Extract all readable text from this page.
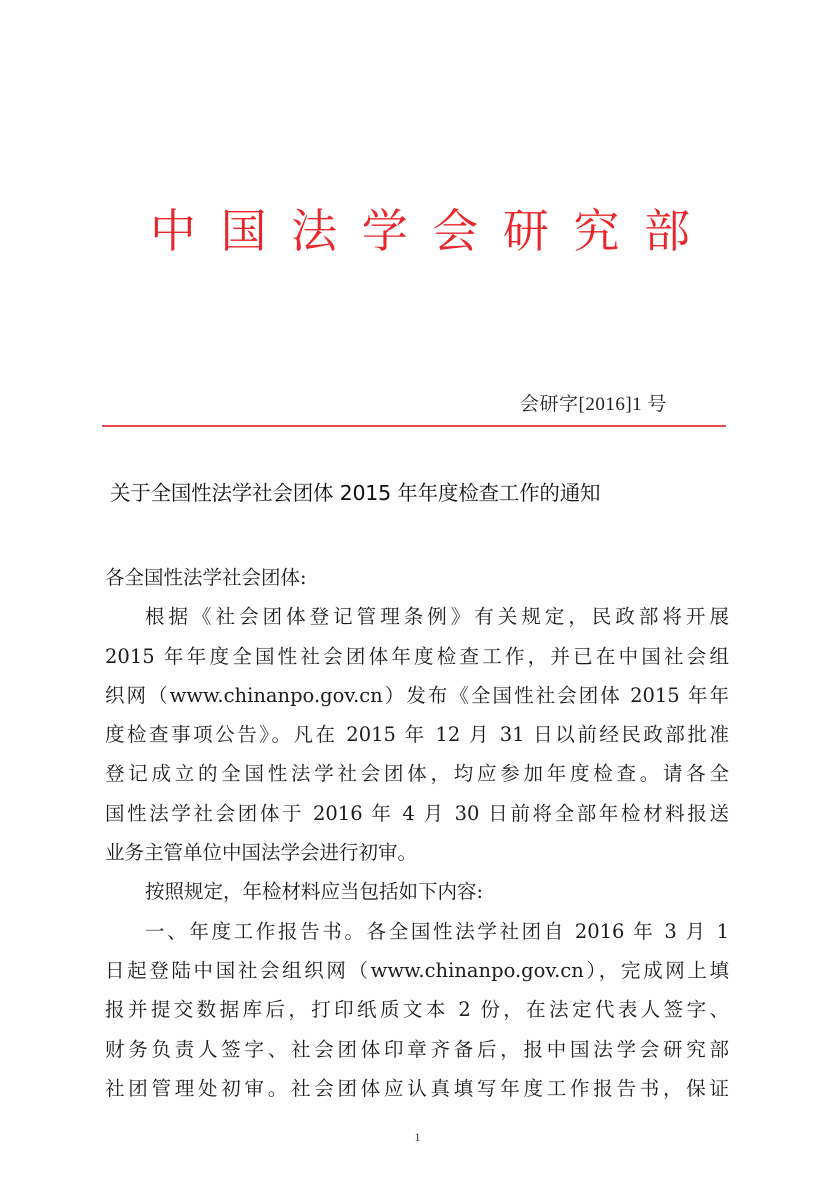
中 国 法 学 会 研 究 部
会研字[2016]1 号
关于全国性法学社会团体 2015 年年度检查工作的通知
各全国性法学社会团体:
根据《社会团体登记管理条例》有关规定，民政部将开展
2015 年年度全国性社会团体年度检查工作，并已在中国社会组
织网（www.chinanpo.gov.cn）发布《全国性社会团体 2015 年年
度检查事项公告》。凡在 2015 年 12 月 31 日以前经民政部批准
登记成立的全国性法学社会团体，均应参加年度检查。请各全
国性法学社会团体于 2016 年 4 月 30 日前将全部年检材料报送
业务主管单位中国法学会进行初审。
按照规定，年检材料应当包括如下内容:
一、年度工作报告书。各全国性法学社团自 2016 年 3 月 1
日起登陆中国社会组织网（www.chinanpo.gov.cn），完成网上填
报并提交数据库后，打印纸质文本 2 份，在法定代表人签字、
财务负责人签字、社会团体印章齐备后，报中国法学会研究部
社团管理处初审。社会团体应认真填写年度工作报告书，保证
1
